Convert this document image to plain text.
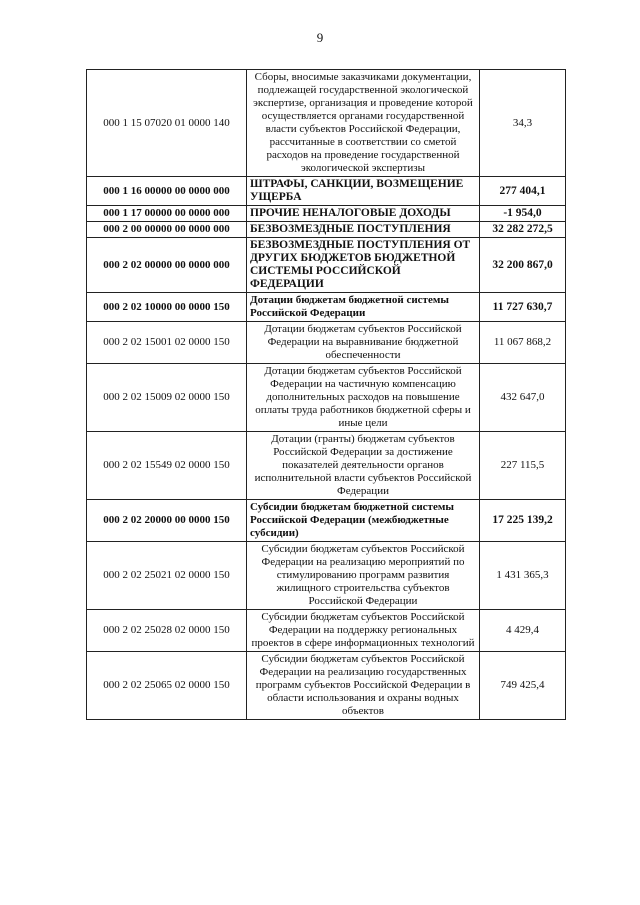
9
000 1 15 07020 01 0000 140	Сборы, вносимые заказчиками документации, подлежащей государственной экологической экспертизе, организация и проведение которой осуществляется органами государственной власти субъектов Российской Федерации, рассчитанные в соответствии со сметой расходов на проведение государственной экологической экспертизы	34,3
000 1 16 00000 00 0000 000	ШТРАФЫ, САНКЦИИ, ВОЗМЕЩЕНИЕ УЩЕРБА	277 404,1
000 1 17 00000 00 0000 000	ПРОЧИЕ НЕНАЛОГОВЫЕ ДОХОДЫ	-1 954,0
000 2 00 00000 00 0000 000	БЕЗВОЗМЕЗДНЫЕ ПОСТУПЛЕНИЯ	32 282 272,5
000 2 02 00000 00 0000 000	БЕЗВОЗМЕЗДНЫЕ ПОСТУПЛЕНИЯ ОТ ДРУГИХ БЮДЖЕТОВ БЮДЖЕТНОЙ СИСТЕМЫ РОССИЙСКОЙ ФЕДЕРАЦИИ	32 200 867,0
000 2 02 10000 00 0000 150	Дотации бюджетам бюджетной системы Российской Федерации	11 727 630,7
000 2 02 15001 02 0000 150	Дотации бюджетам субъектов Российской Федерации на выравнивание бюджетной обеспеченности	11 067 868,2
000 2 02 15009 02 0000 150	Дотации бюджетам субъектов Российской Федерации на частичную компенсацию дополнительных расходов на повышение оплаты труда работников бюджетной сферы и иные цели	432 647,0
000 2 02 15549 02 0000 150	Дотации (гранты) бюджетам субъектов Российской Федерации за достижение показателей деятельности органов исполнительной власти субъектов Российской Федерации	227 115,5
000 2 02 20000 00 0000 150	Субсидии бюджетам бюджетной системы Российской Федерации (межбюджетные субсидии)	17 225 139,2
000 2 02 25021 02 0000 150	Субсидии бюджетам субъектов Российской Федерации на реализацию мероприятий по стимулированию программ развития жилищного строительства субъектов Российской Федерации	1 431 365,3
000 2 02 25028 02 0000 150	Субсидии бюджетам субъектов Российской Федерации на поддержку региональных проектов в сфере информационных технологий	4 429,4
000 2 02 25065 02 0000 150	Субсидии бюджетам субъектов Российской Федерации на реализацию государственных программ субъектов Российской Федерации в области использования и охраны водных объектов	749 425,4
